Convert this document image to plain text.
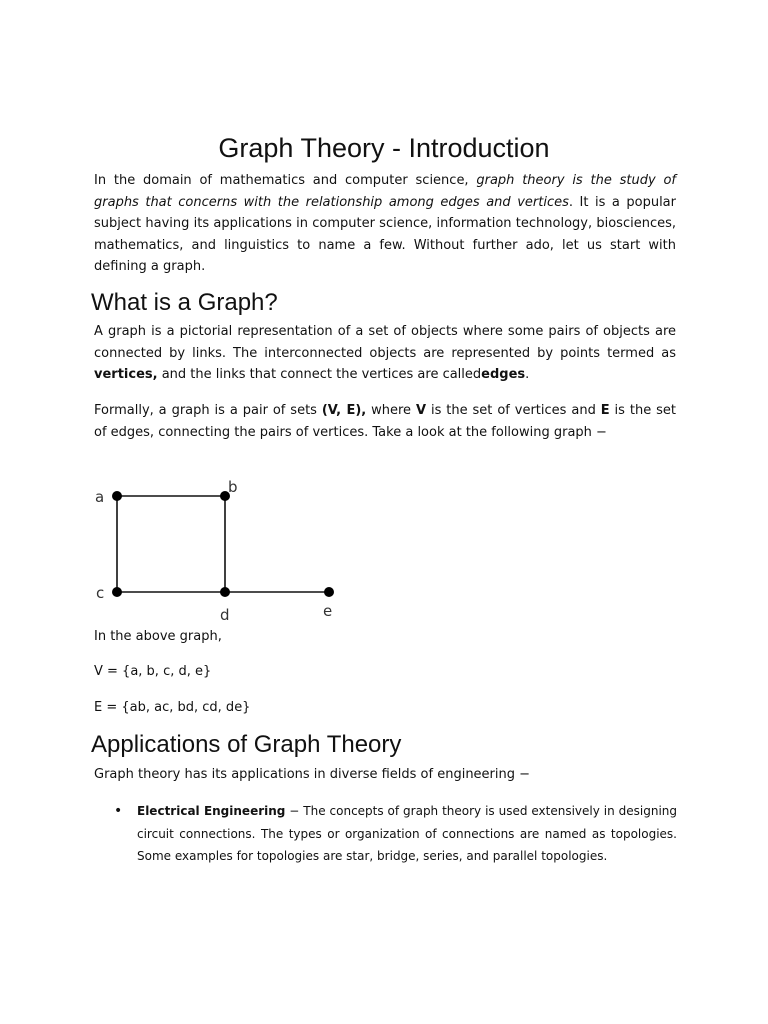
Graph Theory - Introduction

In the domain of mathematics and computer science, graph theory is the study of graphs that concerns with the relationship among edges and vertices. It is a popular subject having its applications in computer science, information technology, biosciences, mathematics, and linguistics to name a few. Without further ado, let us start with defining a graph.

What is a Graph?

A graph is a pictorial representation of a set of objects where some pairs of objects are connected by links. The interconnected objects are represented by points termed as vertices, and the links that connect the vertices are callededges.

Formally, a graph is a pair of sets (V, E), where V is the set of vertices and E is the set of edges, connecting the pairs of vertices. Take a look at the following graph −

a
b
c
d	e

In the above graph,

V = {a, b, c, d, e}

E = {ab, ac, bd, cd, de}

Applications of Graph Theory

Graph theory has its applications in diverse fields of engineering −

• Electrical Engineering − The concepts of graph theory is used extensively in designing circuit connections. The types or organization of connections are named as topologies. Some examples for topologies are star, bridge, series, and parallel topologies.
